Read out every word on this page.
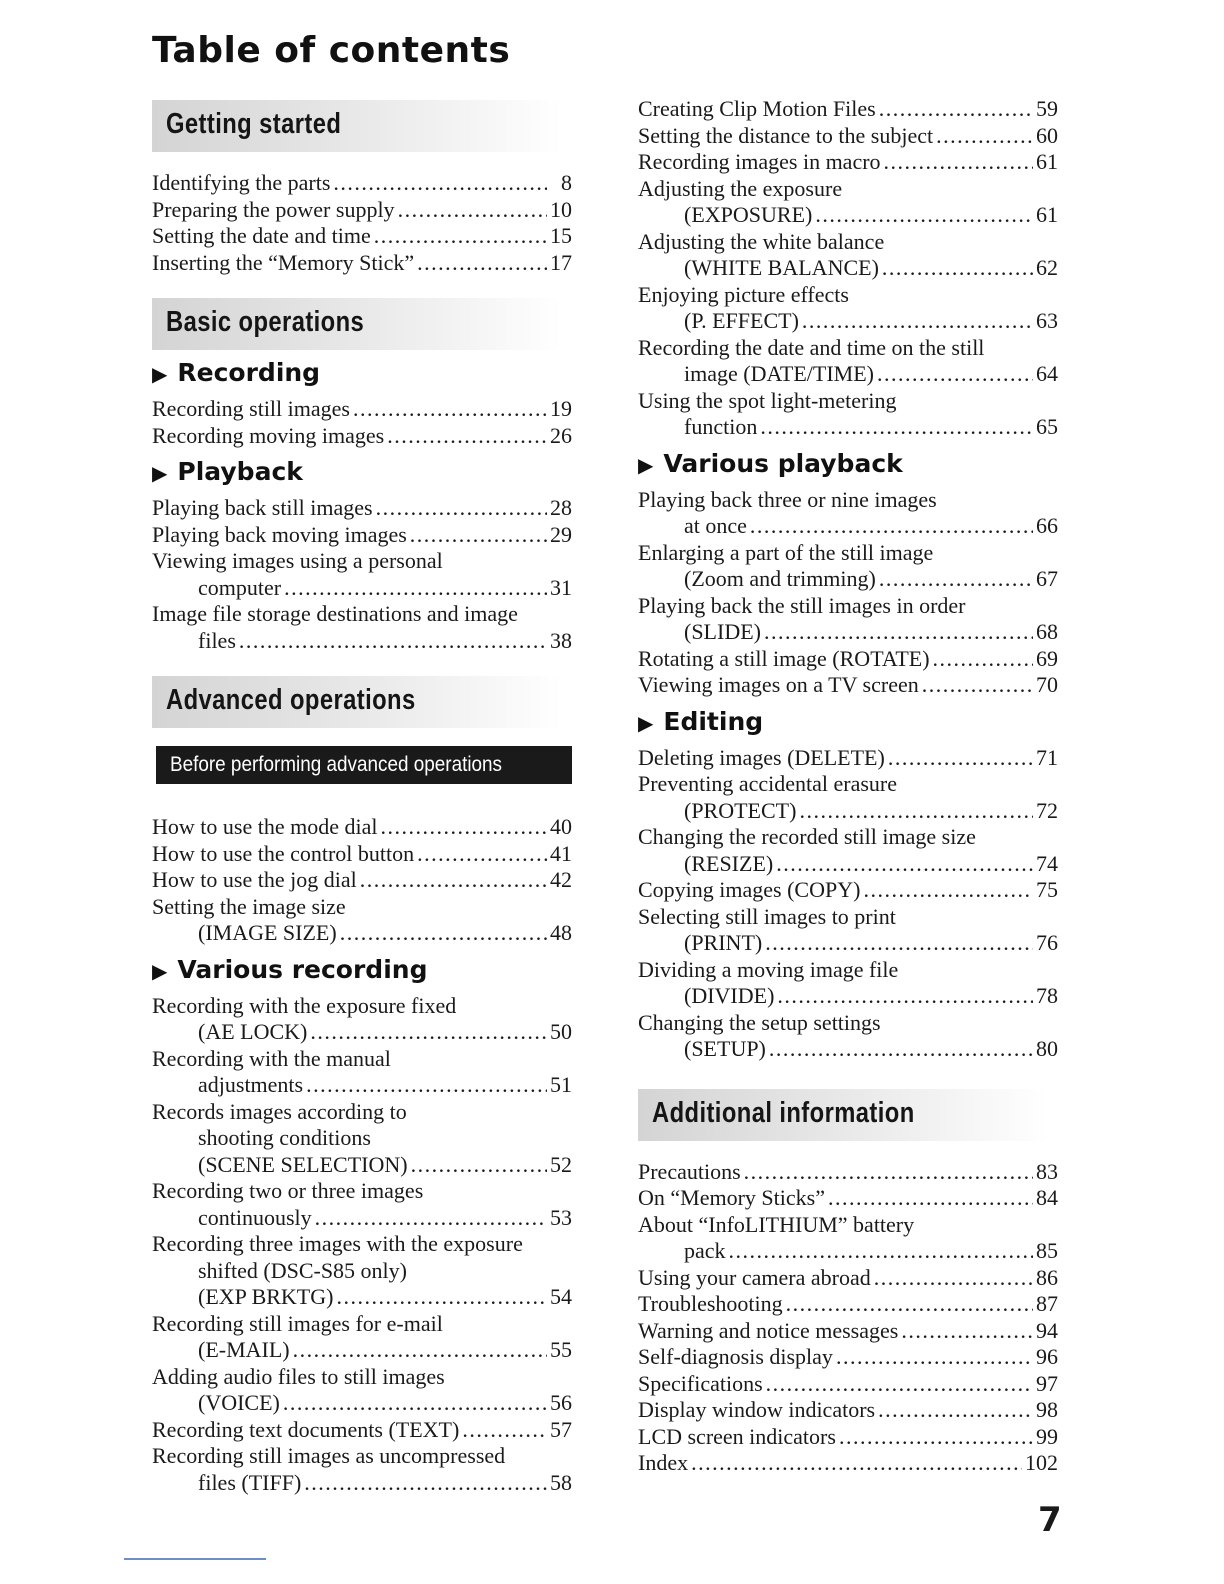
Table of contents
Getting started
Identifying the parts .....	8
Preparing the power supply .....	10
Setting the date and time .....	15
Inserting the “Memory Stick” .....	17
Basic operations
▶ Recording
Recording still images .....	19
Recording moving images .....	26
▶ Playback
Playing back still images .....	28
Playing back moving images .....	29
Viewing images using a personal
computer .....	31
Image file storage destinations and image
files .....	38
Advanced operations
Before performing advanced operations
How to use the mode dial .....	40
How to use the control button .....	41
How to use the jog dial .....	42
Setting the image size
(IMAGE SIZE) .....	48
▶ Various recording
Recording with the exposure fixed
(AE LOCK) .....	50
Recording with the manual
adjustments .....	51
Records images according to
shooting conditions
(SCENE SELECTION) .....	52
Recording two or three images
continuously .....	53
Recording three images with the exposure
shifted (DSC-S85 only)
(EXP BRKTG) .....	54
Recording still images for e-mail
(E-MAIL) .....	55
Adding audio files to still images
(VOICE) .....	56
Recording text documents (TEXT) .....	57
Recording still images as uncompressed
files (TIFF) .....	58
Creating Clip Motion Files .....	59
Setting the distance to the subject .....	60
Recording images in macro .....	61
Adjusting the exposure
(EXPOSURE) .....	61
Adjusting the white balance
(WHITE BALANCE) .....	62
Enjoying picture effects
(P. EFFECT) .....	63
Recording the date and time on the still
image (DATE/TIME) .....	64
Using the spot light-metering
function .....	65
▶ Various playback
Playing back three or nine images
at once .....	66
Enlarging a part of the still image
(Zoom and trimming) .....	67
Playing back the still images in order
(SLIDE) .....	68
Rotating a still image (ROTATE) .....	69
Viewing images on a TV screen .....	70
▶ Editing
Deleting images (DELETE) .....	71
Preventing accidental erasure
(PROTECT) .....	72
Changing the recorded still image size
(RESIZE) .....	74
Copying images (COPY) .....	75
Selecting still images to print
(PRINT) .....	76
Dividing a moving image file
(DIVIDE) .....	78
Changing the setup settings
(SETUP) .....	80
Additional information
Precautions .....	83
On “Memory Sticks” .....	84
About “InfoLITHIUM” battery
pack .....	85
Using your camera abroad .....	86
Troubleshooting .....	87
Warning and notice messages .....	94
Self-diagnosis display .....	96
Specifications .....	97
Display window indicators .....	98
LCD screen indicators .....	99
Index .....	102
7
